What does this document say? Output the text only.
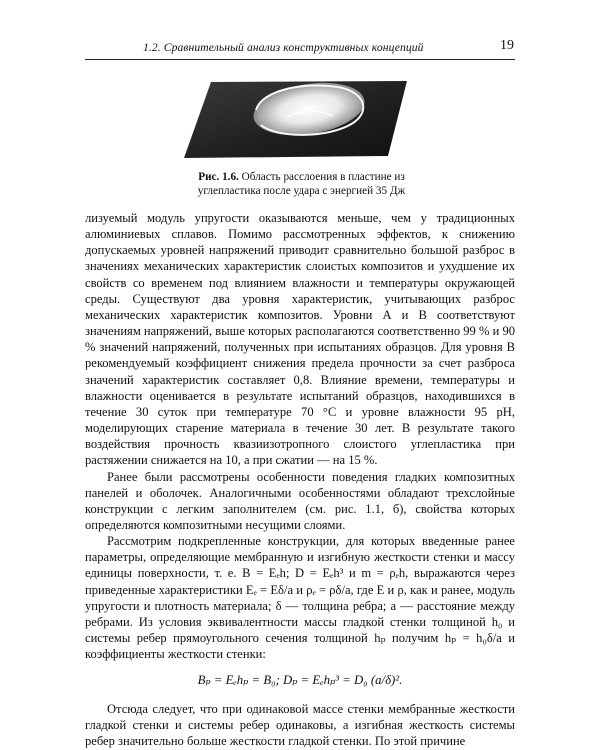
1.2. Сравнительный анализ конструктивных концепций	19
Рис. 1.6. Область расслоения в пластине из углепластика после удара с энергией 35 Дж

лизуемый модуль упругости оказываются меньше, чем у традиционных алюминиевых сплавов. Помимо рассмотренных эффектов, к снижению допускаемых уровней напряжений приводит сравнительно большой разброс в значениях механических характеристик слоистых композитов и ухудшение их свойств со временем под влиянием влажности и температуры окружающей среды. Существуют два уровня характеристик, учитывающих разброс механических характеристик композитов. Уровни А и В соответствуют значениям напряжений, выше которых располагаются соответственно 99 % и 90 % значений напряжений, полученных при испытаниях образцов. Для уровня В рекомендуемый коэффициент снижения предела прочности за счет разброса значений характеристик составляет 0,8. Влияние времени, температуры и влажности оценивается в результате испытаний образцов, находившихся в течение 30 суток при температуре 70 °С и уровне влажности 95 рН, моделирующих старение материала в течение 30 лет. В результате такого воздействия прочность квазиизотропного слоистого углепластика при растяжении снижается на 10, а при сжатии — на 15 %.

Ранее были рассмотрены особенности поведения гладких композитных панелей и оболочек. Аналогичными особенностями обладают трехслойные конструкции с легким заполнителем (см. рис. 1.1, б), свойства которых определяются композитными несущими слоями.

Рассмотрим подкрепленные конструкции, для которых введенные ранее параметры, определяющие мембранную и изгибную жесткости стенки и массу единицы поверхности, т. е. B = Eₑh; D = Eₑh³ и m = ρₑh, выражаются через приведенные характеристики Eₑ = Eδ/a и ρₑ = ρδ/a, где E и ρ, как и ранее, модуль упругости и плотность материала; δ — толщина ребра; a — расстояние между ребрами. Из условия эквивалентности массы гладкой стенки толщиной h₀ и системы ребер прямоугольного сечения толщиной hₚ получим hₚ = h₀δ/a и коэффициенты жесткости стенки:

Bₚ = Eₑhₚ = B₀; Dₚ = Eₑhₚ³ = D₀ (a/δ)².

Отсюда следует, что при одинаковой массе стенки мембранные жесткости гладкой стенки и системы ребер одинаковы, а изгибная жесткость системы ребер значительно больше жесткости гладкой стенки. По этой причине
